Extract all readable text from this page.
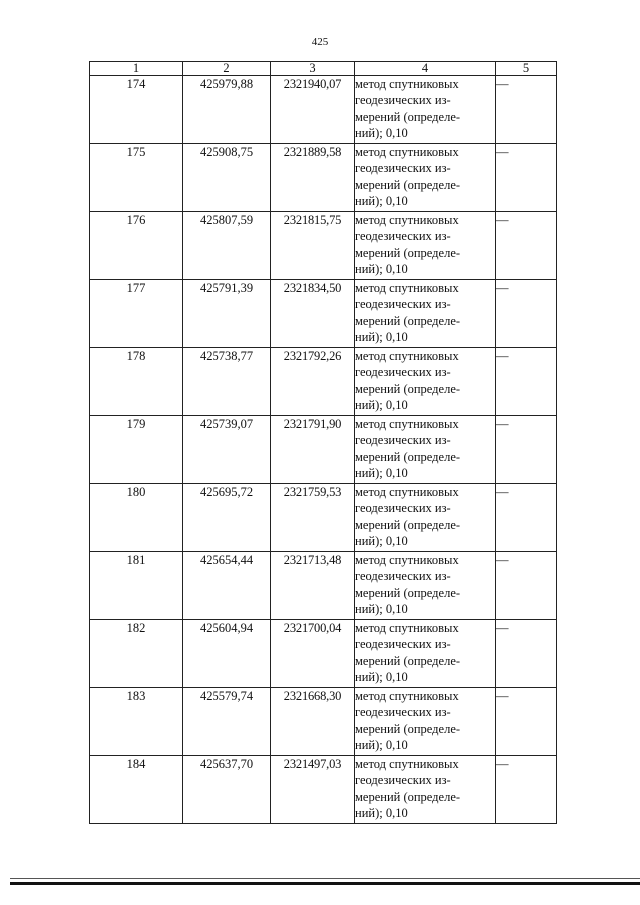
425
1	2	3	4	5
174	425979,88	2321940,07	метод спутниковых
геодезических из-
мерений (определе-
ний); 0,10	—
175	425908,75	2321889,58	метод спутниковых
геодезических из-
мерений (определе-
ний); 0,10	—
176	425807,59	2321815,75	метод спутниковых
геодезических из-
мерений (определе-
ний); 0,10	—
177	425791,39	2321834,50	метод спутниковых
геодезических из-
мерений (определе-
ний); 0,10	—
178	425738,77	2321792,26	метод спутниковых
геодезических из-
мерений (определе-
ний); 0,10	—
179	425739,07	2321791,90	метод спутниковых
геодезических из-
мерений (определе-
ний); 0,10	—
180	425695,72	2321759,53	метод спутниковых
геодезических из-
мерений (определе-
ний); 0,10	—
181	425654,44	2321713,48	метод спутниковых
геодезических из-
мерений (определе-
ний); 0,10	—
182	425604,94	2321700,04	метод спутниковых
геодезических из-
мерений (определе-
ний); 0,10	—
183	425579,74	2321668,30	метод спутниковых
геодезических из-
мерений (определе-
ний); 0,10	—
184	425637,70	2321497,03	метод спутниковых
геодезических из-
мерений (определе-
ний); 0,10	—
